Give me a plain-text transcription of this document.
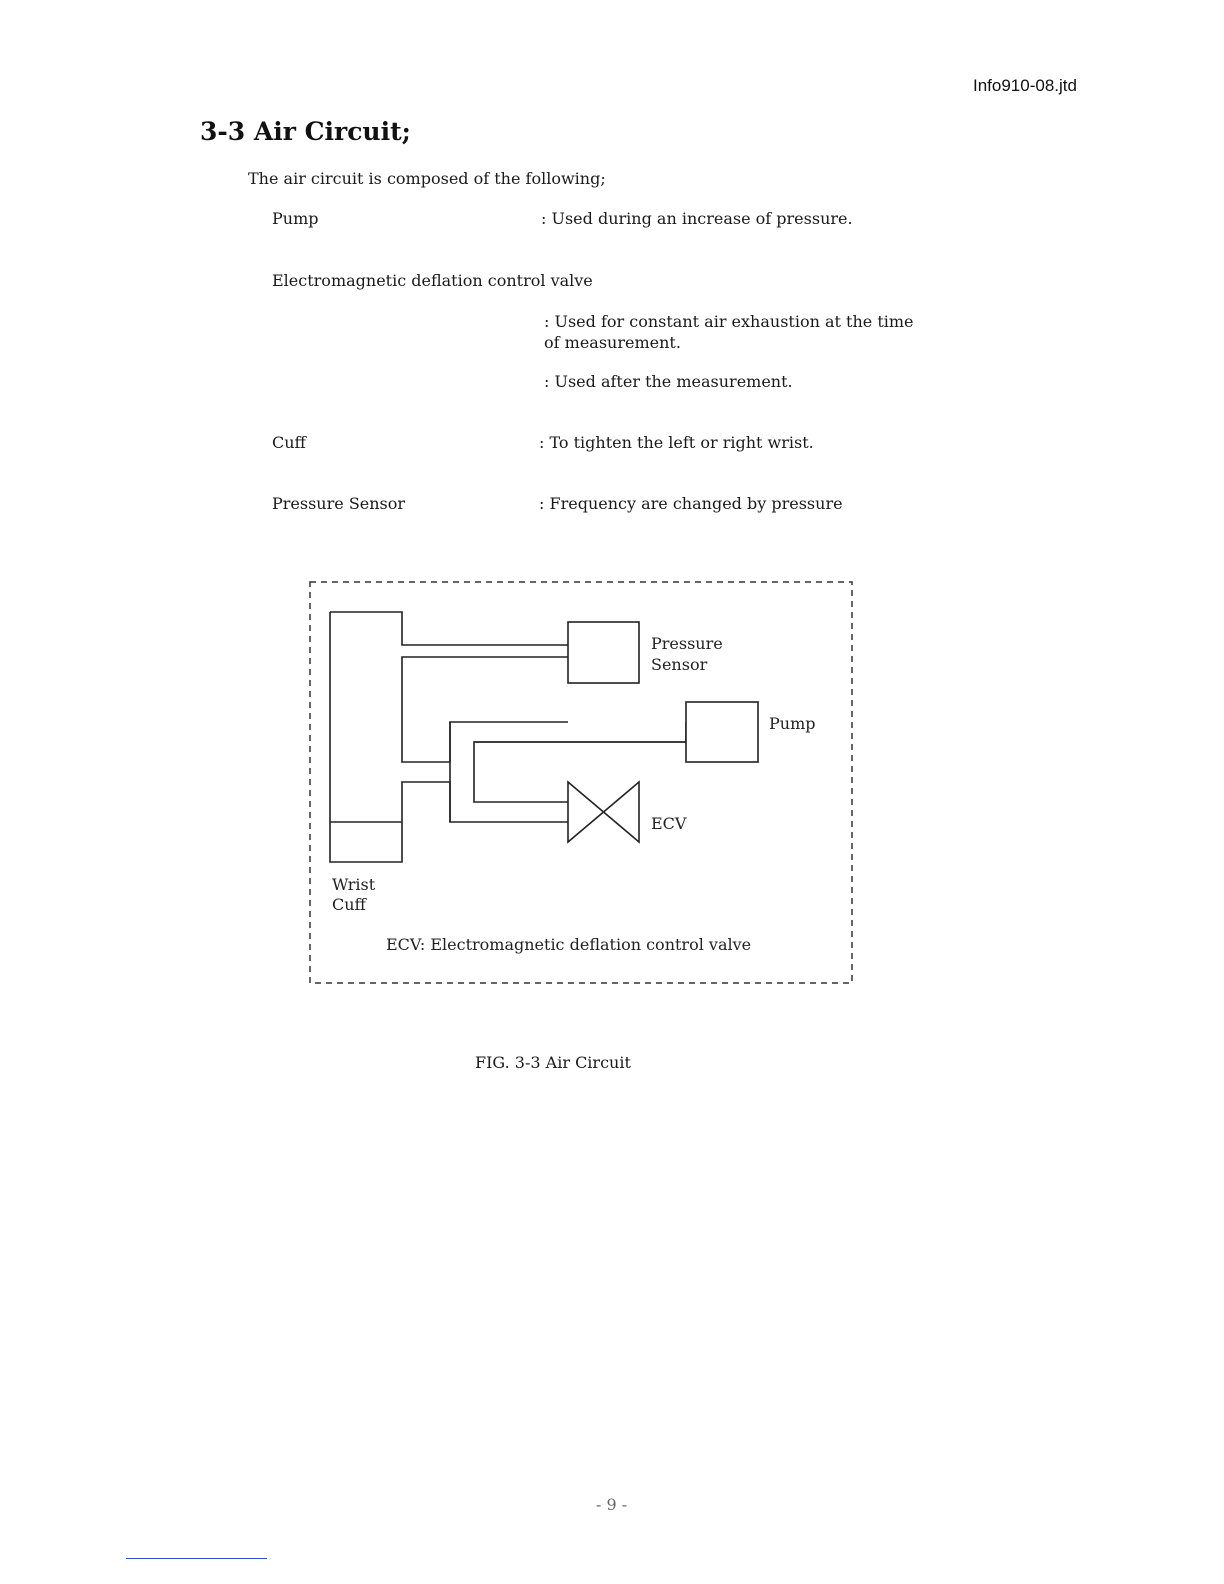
Info910-08.jtd
3-3 Air Circuit;
The air circuit is composed of the following;
Pump	: Used during an increase of pressure.
Electromagnetic deflation control valve
: Used for constant air exhaustion at the time of measurement.
: Used after the measurement.
Cuff	: To tighten the left or right wrist.
Pressure Sensor	: Frequency are changed by pressure
Pressure
Sensor
Pump
ECV
Wrist
Cuff
ECV: Electromagnetic deflation control valve
FIG. 3-3 Air Circuit
- 9 -
